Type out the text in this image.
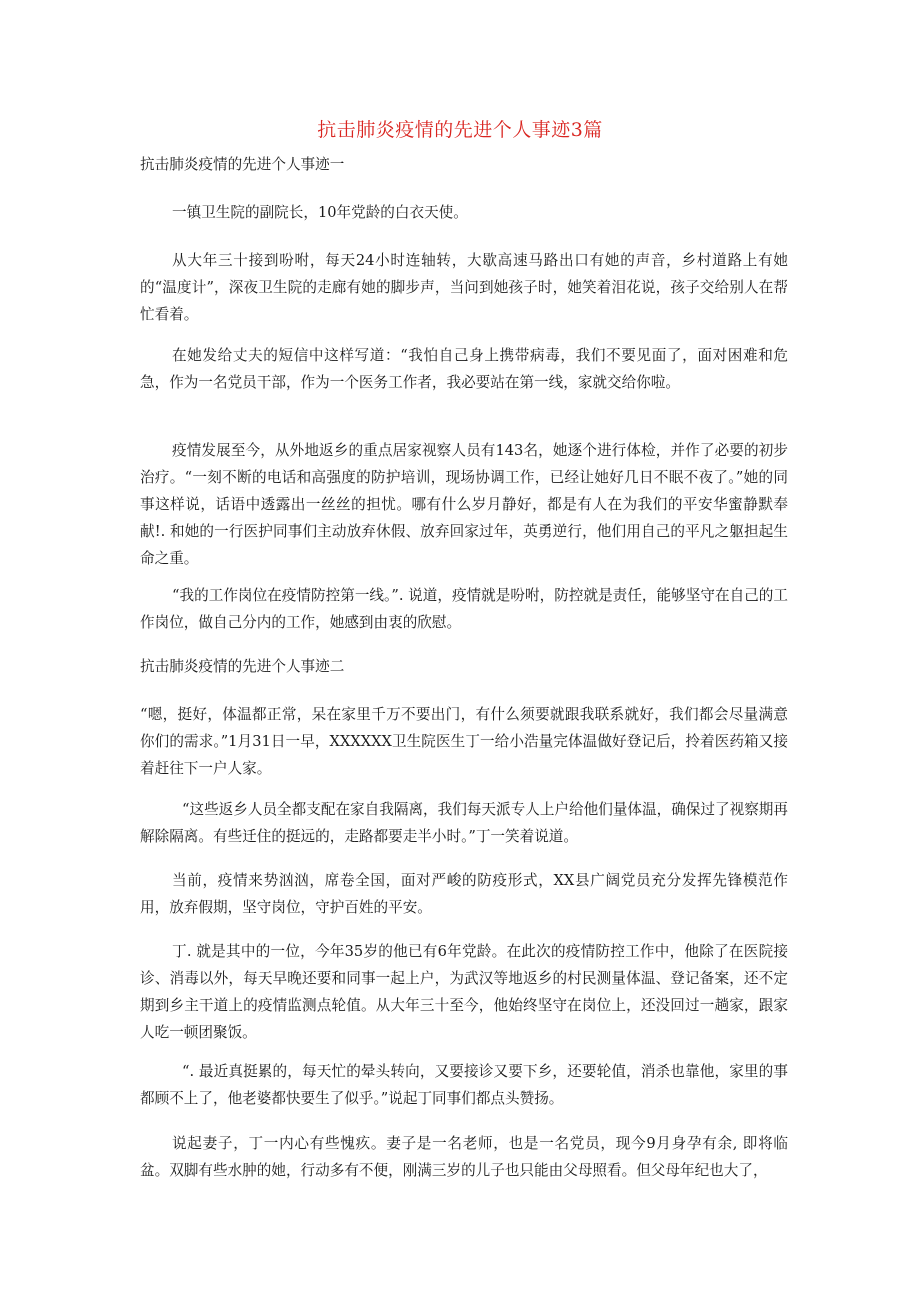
抗击肺炎疫情的先进个人事迹3篇

抗击肺炎疫情的先进个人事迹一

一镇卫生院的副院长，10年党龄的白衣天使。

从大年三十接到吩咐，每天24小时连轴转，大歇高速马路出口有她的声音，乡村道路上有她的“温度计”，深夜卫生院的走廊有她的脚步声，当问到她孩子时，她笑着泪花说，孩子交给别人在帮忙看着。

在她发给丈夫的短信中这样写道：“我怕自己身上携带病毒，我们不要见面了，面对困难和危急，作为一名党员干部，作为一个医务工作者，我必要站在第一线，家就交给你啦。

疫情发展至今，从外地返乡的重点居家视察人员有143名，她逐个进行体检，并作了必要的初步治疗。“一刻不断的电话和高强度的防护培训，现场协调工作，已经让她好几日不眠不夜了。”她的同事这样说，话语中透露出一丝丝的担忧。哪有什么岁月静好，都是有人在为我们的平安华蜜静默奉献!. 和她的一行医护同事们主动放弃休假、放弃回家过年，英勇逆行，他们用自己的平凡之躯担起生命之重。

“我的工作岗位在疫情防控第一线。”. 说道，疫情就是吩咐，防控就是责任，能够坚守在自己的工作岗位，做自己分内的工作，她感到由衷的欣慰。

抗击肺炎疫情的先进个人事迹二

“嗯，挺好，体温都正常，呆在家里千万不要出门，有什么须要就跟我联系就好，我们都会尽量满意你们的需求。”1月31日一早，XXXXXX卫生院医生丁一给小浩量完体温做好登记后，拎着医药箱又接着赶往下一户人家。

“这些返乡人员全都支配在家自我隔离，我们每天派专人上户给他们量体温，确保过了视察期再解除隔离。有些迁住的挺远的，走路都要走半小时。”丁一笑着说道。

当前，疫情来势汹汹，席卷全国，面对严峻的防疫形式，XX县广阔党员充分发挥先锋模范作用，放弃假期，坚守岗位，守护百姓的平安。

丁. 就是其中的一位，今年35岁的他已有6年党龄。在此次的疫情防控工作中，他除了在医院接诊、消毒以外，每天早晚还要和同事一起上户，为武汉等地返乡的村民测量体温、登记备案，还不定期到乡主干道上的疫情监测点轮值。从大年三十至今，他始终坚守在岗位上，还没回过一趟家，跟家人吃一顿团聚饭。

“. 最近真挺累的，每天忙的晕头转向，又要接诊又要下乡，还要轮值，消杀也靠他，家里的事都顾不上了，他老婆都快要生了似乎。”说起丁同事们都点头赞扬。

说起妻子，丁一内心有些愧疚。妻子是一名老师，也是一名党员，现今9月身孕有余, 即将临盆。双脚有些水肿的她，行动多有不便，刚满三岁的儿子也只能由父母照看。但父母年纪也大了，
